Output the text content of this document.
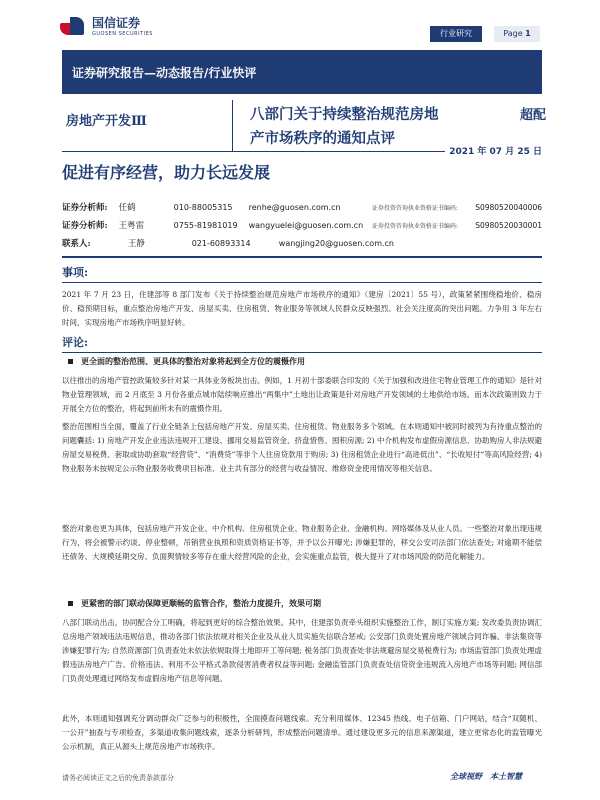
国信证券
GUOSEN SECURITIES	行业研究	Page 1
证券研究报告—动态报告/行业快评
房地产开发Ⅲ	八部门关于持续整治规范房地
产市场秩序的通知点评
超配
2021 年 07 月 25 日
促进有序经营，助力长远发展
证券分析师:	任鹤	010-88005315	renhe@guosen.com.cn	证券投资咨询执业资格证书编码:	S0980520040006
证券分析师:	王粤雷	0755-81981019	wangyuelei@guosen.com.cn	证券投资咨询执业资格证书编码:	S0980520030001
联系人:	王静	021-60893314	wangjing20@guosen.com.cn
事项:
2021 年 7 月 23 日，住建部等 8 部门发布《关于持续整治规范房地产市场秩序的通知》（建房〔2021〕55 号），政策紧紧围绕稳地价、稳房价、稳预期目标，重点整治房地产开发、房屋买卖、住房租赁、物业服务等领域人民群众反映强烈、社会关注度高的突出问题。力争用 3 年左右时间，实现房地产市场秩序明显好转。
评论:
更全面的整治范围、更具体的整治对象将起到全方位的震慑作用
以往推出的房地产管控政策较多针对某一具体业务板块出击。例如，1 月初十部委联合印发的《关于加强和改进住宅物业管理工作的通知》是针对物业管理领域，而 2 月底至 3 月份各重点城市陆续响应推出“两集中”土地出让政策是针对房地产开发领域的土地供给市场。而本次政策则致力于开展全方位的整治，将起到前所未有的震慑作用。
整治范围相当全面，覆盖了行业全链条上包括房地产开发、房屋买卖、住房租赁、物业服务多个领域。在本则通知中被同时被列为有待重点整治的问题囊括: 1) 房地产开发企业违法违规开工建设、挪用交易监管资金、挤盘惜售、囤积房源; 2) 中介机构发布虚假房源信息、协助购房人非法规避房屋交易税费、套取或协助套取“经营贷”、“消费贷”等非个人住房贷款用于购房; 3) 住房租赁企业进行“高进低出”、“长收短付”等高风险经营; 4) 物业服务未按规定公示物业服务收费项目标准、业主共有部分的经营与收益情况、维修资金使用情况等相关信息。
整治对象也更为具体，包括房地产开发企业、中介机构、住房租赁企业、物业服务企业、金融机构、网络媒体及从业人员。一些整治对象出现违规行为，将会被警示约谈、停业整顿，吊销营业执照和资质资格证书等，并予以公开曝光; 涉嫌犯罪的，移交公安司法部门依法查处; 对逾期不能偿还债务、大规模延期交房、负面舆情较多等存在重大经营风险的企业，会实施重点监管，极大提升了对市场风险的防范化解能力。
更紧密的部门联动保障更顺畅的监管合作，整治力度提升，效果可期
八部门联动出击，协同配合分工明确，将起到更好的综合整治效果。其中，住建部负责牵头组织实施整治工作，制订实施方案; 发改委负责协调汇总房地产领域违法违规信息，推动各部门依法依规对相关企业及从业人员实施失信联合惩戒; 公安部门负责处置房地产领域合同诈骗、非法集资等涉嫌犯罪行为; 自然资源部门负责查处未依法依规取得土地即开工等问题; 税务部门负责查处非法规避房屋交易税费行为; 市场监管部门负责处理虚假违法房地产广告、价格违法、利用不公平格式条款侵害消费者权益等问题; 金融监管部门负责查处信贷资金违规流入房地产市场等问题; 网信部门负责处理通过网络发布虚假房地产信息等问题。
此外，本则通知强调充分调动群众广泛参与的积极性，全面摸查问题线索。充分利用媒体、12345 热线、电子信箱、门户网站，结合“双随机、一公开”抽查与专项检查，多渠道收集问题线索，逐条分析研判，形成整治问题清单。通过建设更多元的信息来源渠道，建立更常态化的监管曝光公示机制，真正从源头上规范房地产市场秩序。
请务必阅读正文之后的免责条款部分	全球视野　本土智慧
